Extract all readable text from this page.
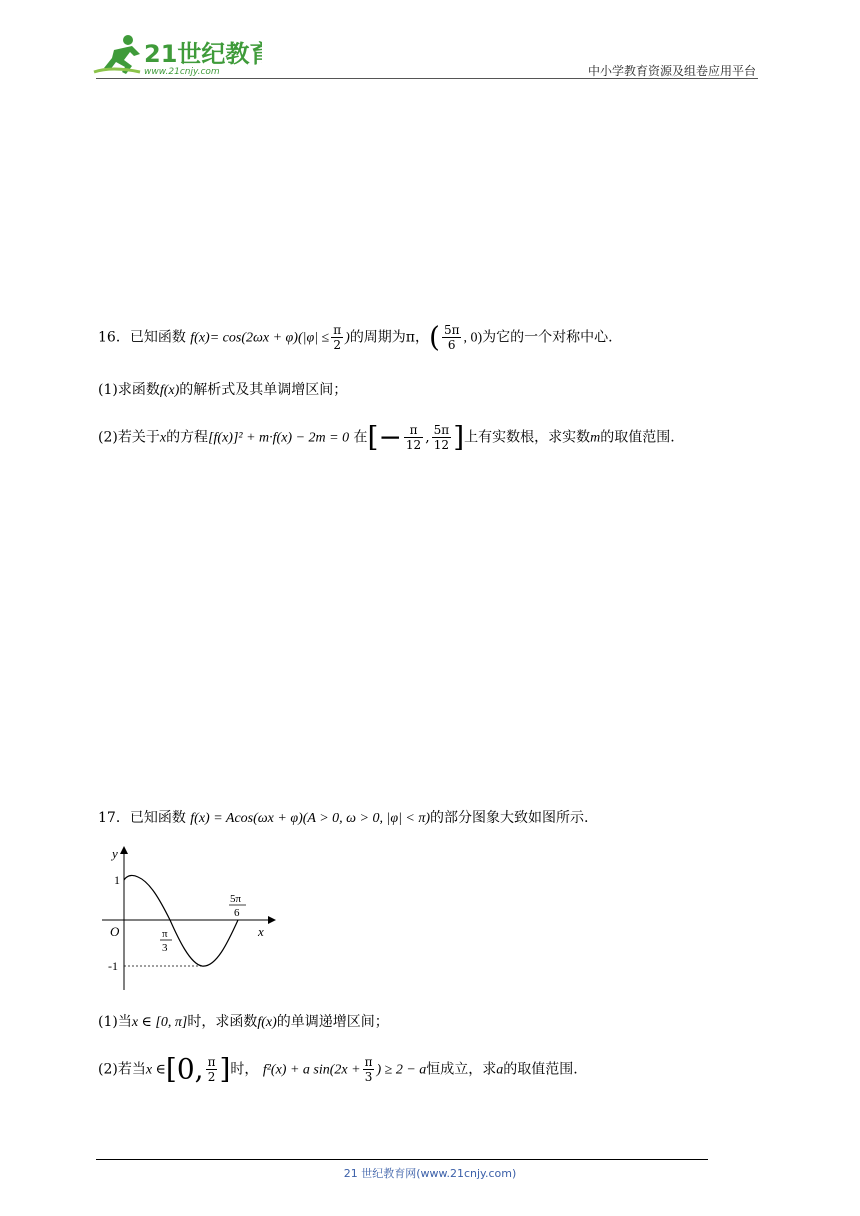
21世纪教育
www.21cnjy.com	中小学教育资源及组卷应用平台
16．已知函数 $f(x)= \cos(2\omega x + \varphi)(|\varphi| \le \frac{\pi}{2}$ )的周期为π，( $\frac{5\pi}{6}$ , 0)为它的一个对称中心.
(1)求函数f(x)的解析式及其单调增区间；
(2)若关于x的方程[f(x)]² + m·f(x) − 2m = 0 在[− $\frac{\pi}{12}$ , $\frac{5\pi}{12}$ ]上有实数根，求实数m的取值范围.
17．已知函数 f(x) = Acos(ωx + φ)(A > 0, ω > 0, |φ| < π)的部分图象大致如图所示.
y
x
O
1
-1
π
3
5π
6
(1)当x ∈ [0, π]时，求函数f(x)的单调递增区间；
(2)若当x ∈[0, $\frac{\pi}{2}$ ]时， f²(x) + a $\sin(2x + \frac{\pi}{3}$ ) ≥ 2 − a恒成立，求a的取值范围.
21 世纪教育网(www.21cnjy.com)
